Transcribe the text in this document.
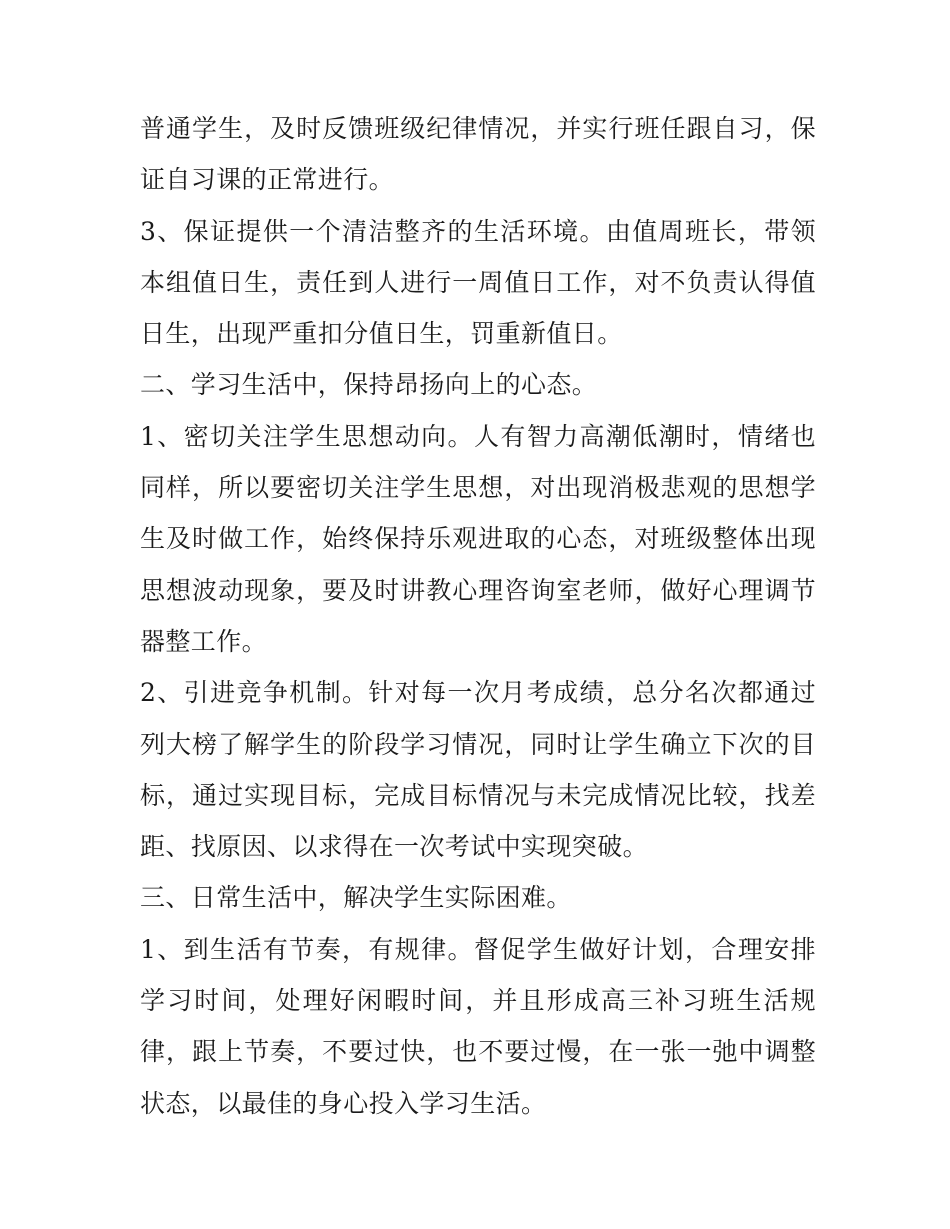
普通学生，及时反馈班级纪律情况，并实行班任跟自习，保证自习课的正常进行。

3、保证提供一个清洁整齐的生活环境。由值周班长，带领本组值日生，责任到人进行一周值日工作，对不负责认得值日生，出现严重扣分值日生，罚重新值日。

二、学习生活中，保持昂扬向上的心态。

1、密切关注学生思想动向。人有智力高潮低潮时，情绪也同样，所以要密切关注学生思想，对出现消极悲观的思想学生及时做工作，始终保持乐观进取的心态，对班级整体出现思想波动现象，要及时讲教心理咨询室老师，做好心理调节器整工作。

2、引进竞争机制。针对每一次月考成绩，总分名次都通过列大榜了解学生的阶段学习情况，同时让学生确立下次的目标，通过实现目标，完成目标情况与未完成情况比较，找差距、找原因、以求得在一次考试中实现突破。

三、日常生活中，解决学生实际困难。

1、到生活有节奏，有规律。督促学生做好计划，合理安排学习时间，处理好闲暇时间，并且形成高三补习班生活规律，跟上节奏，不要过快，也不要过慢，在一张一弛中调整状态，以最佳的身心投入学习生活。
